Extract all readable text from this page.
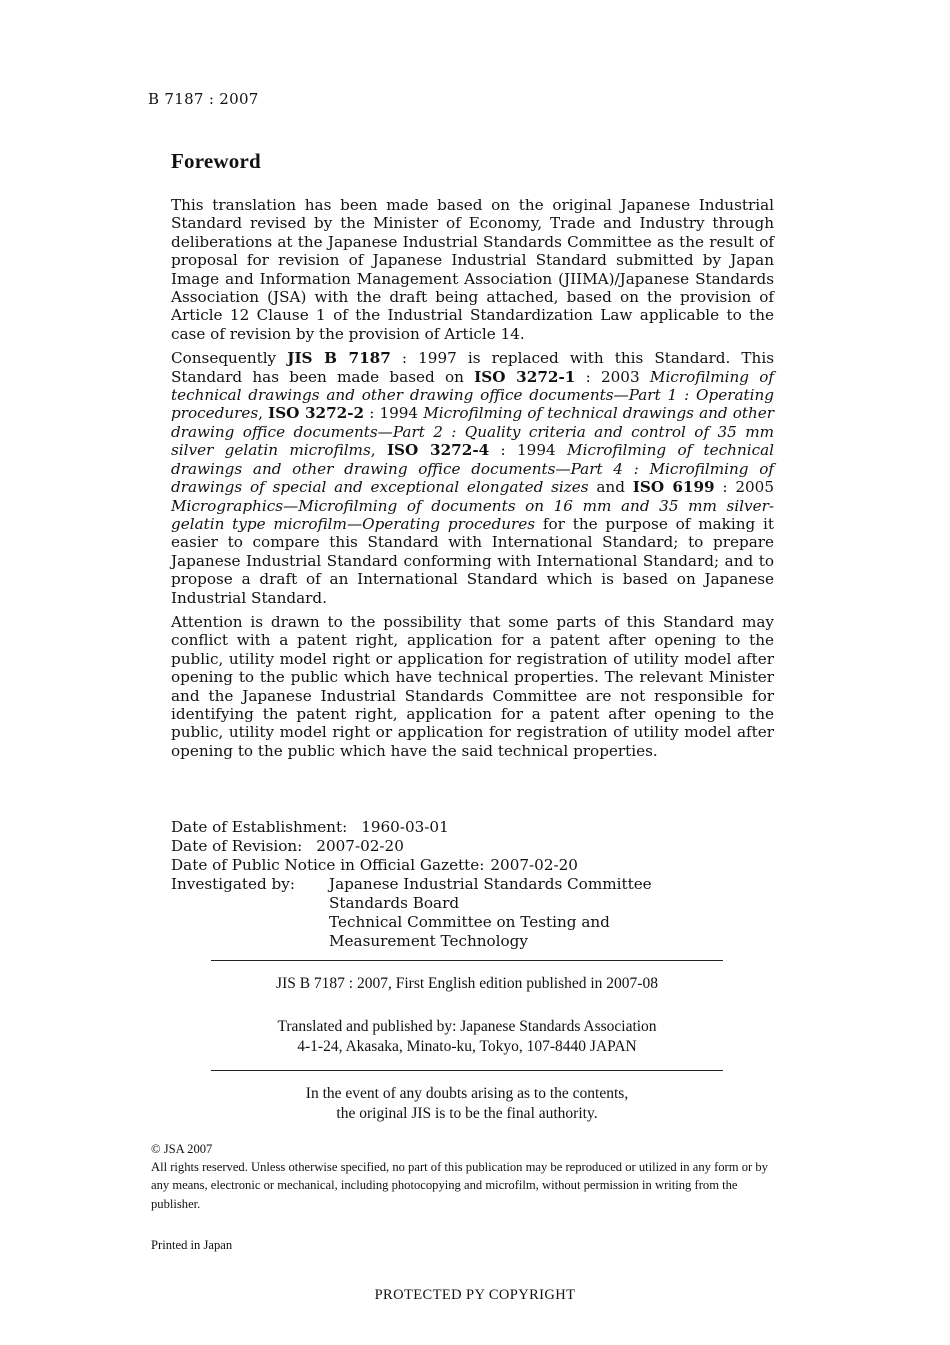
B 7187 : 2007
Foreword

This translation has been made based on the original Japanese Industrial Standard revised by the Minister of Economy, Trade and Industry through deliberations at the Japanese Industrial Standards Committee as the result of proposal for revision of Japanese Industrial Standard submitted by Japan Image and Information Management Association (JIIMA)/Japanese Standards Association (JSA) with the draft being attached, based on the provision of Article 12 Clause 1 of the Industrial Standardization Law applicable to the case of revision by the provision of Article 14.

Consequently JIS B 7187 : 1997 is replaced with this Standard. This Standard has been made based on ISO 3272-1 : 2003 Microfilming of technical drawings and other drawing office documents—Part 1 : Operating procedures, ISO 3272-2 : 1994 Microfilming of technical drawings and other drawing office documents—Part 2 : Quality criteria and control of 35 mm silver gelatin microfilms, ISO 3272-4 : 1994 Microfilming of technical drawings and other drawing office documents—Part 4 : Microfilming of drawings of special and exceptional elongated sizes and ISO 6199 : 2005 Micrographics—Microfilming of documents on 16 mm and 35 mm silver-gelatin type microfilm—Operating procedures for the purpose of making it easier to compare this Standard with International Standard; to prepare Japanese Industrial Standard conforming with International Standard; and to propose a draft of an International Standard which is based on Japanese Industrial Standard.

Attention is drawn to the possibility that some parts of this Standard may conflict with a patent right, application for a patent after opening to the public, utility model right or application for registration of utility model after opening to the public which have technical properties. The relevant Minister and the Japanese Industrial Standards Committee are not responsible for identifying the patent right, application for a patent after opening to the public, utility model right or application for registration of utility model after opening to the public which have the said technical properties.

Date of Establishment: 1960-03-01
Date of Revision: 2007-02-20
Date of Public Notice in Official Gazette: 2007-02-20
Investigated by:	Japanese Industrial Standards Committee
Standards Board
Technical Committee on Testing and
Measurement Technology
JIS B 7187 : 2007, First English edition published in 2007-08
Translated and published by: Japanese Standards Association
4-1-24, Akasaka, Minato-ku, Tokyo, 107-8440 JAPAN
In the event of any doubts arising as to the contents,
the original JIS is to be the final authority.
© JSA 2007
All rights reserved. Unless otherwise specified, no part of this publication may be reproduced or utilized in any form or by any means, electronic or mechanical, including photocopying and microfilm, without permission in writing from the publisher.
Printed in Japan
PROTECTED PY COPYRIGHT
